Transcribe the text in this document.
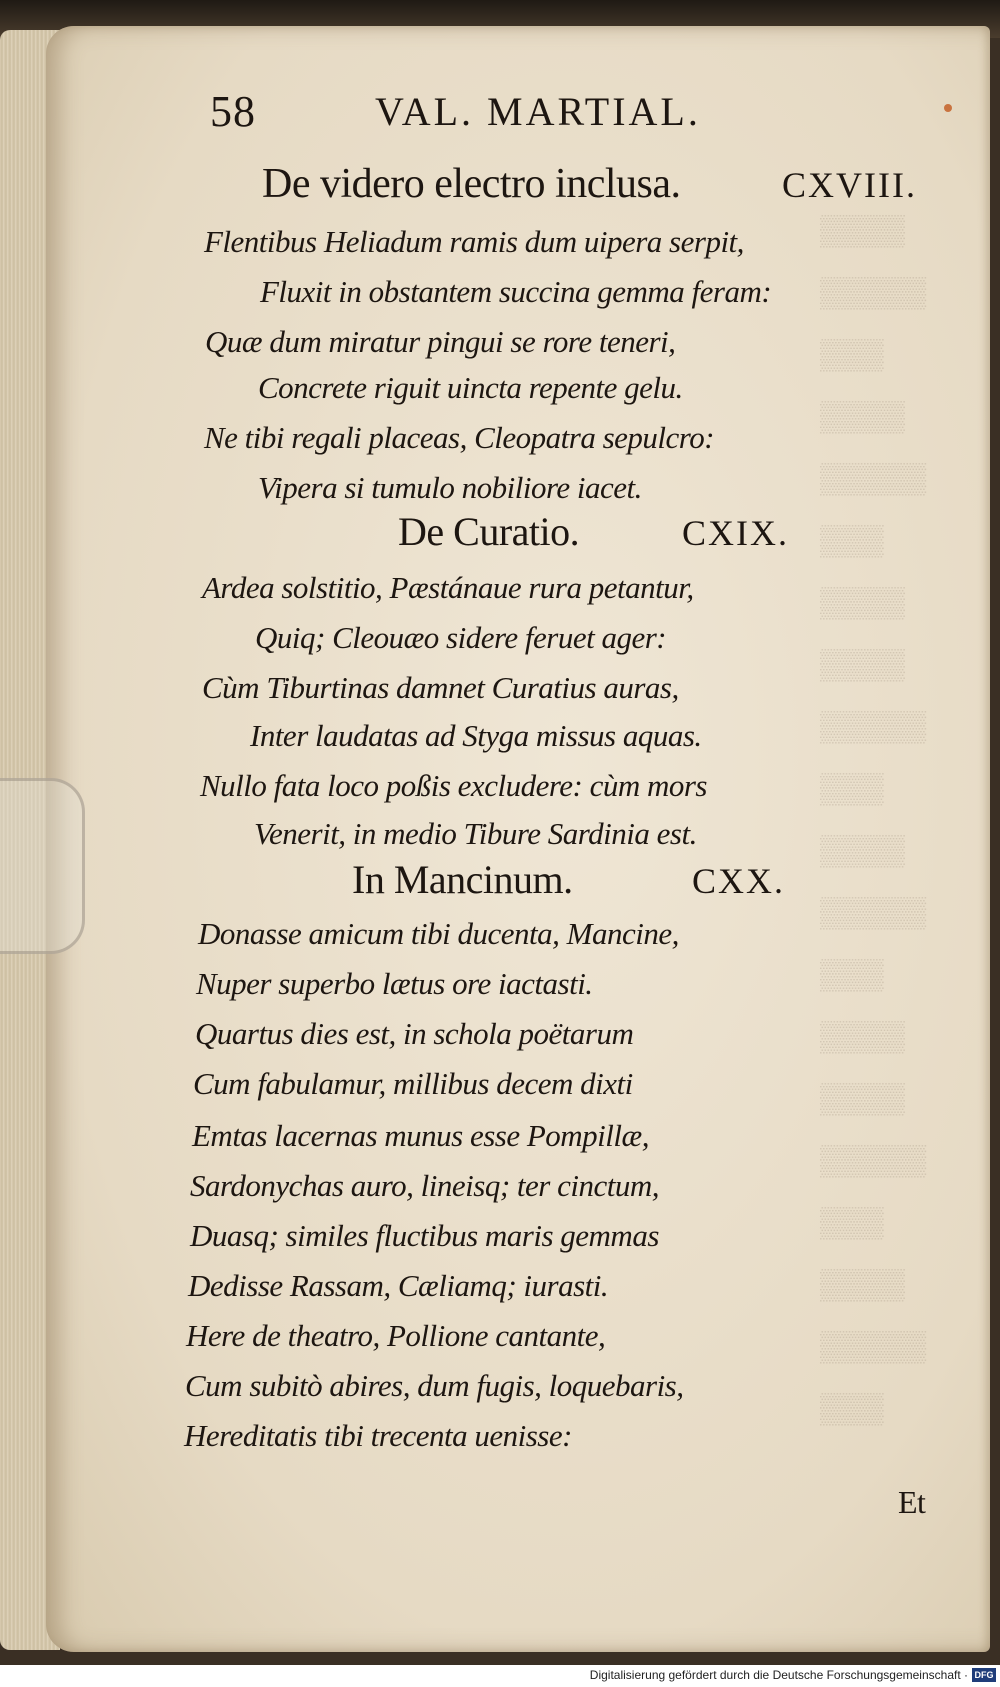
58	VAL. MARTIAL.
De videro electro inclusa.	CXVIII.
Flentibus Heliadum ramis dum uipera serpit,
Fluxit in obstantem succina gemma feram:
Quæ dum miratur pingui se rore teneri,
Concrete riguit uincta repente gelu.
Ne tibi regali placeas, Cleopatra sepulcro:
Vipera si tumulo nobiliore iacet.
De Curatio.	CXIX.
Ardea solstitio, Pæstánaue rura petantur,
Quiq; Cleouæo sidere feruet ager:
Cùm Tiburtinas damnet Curatius auras,
Inter laudatas ad Styga missus aquas.
Nullo fata loco poßis excludere: cùm mors
Venerit, in medio Tibure Sardinia est.
In Mancinum.	CXX.
Donasse amicum tibi ducenta, Mancine,
Nuper superbo lætus ore iactasti.
Quartus dies est, in schola poëtarum
Cum fabulamur, millibus decem dixti
Emtas lacernas munus esse Pompillæ,
Sardonychas auro, lineisq; ter cinctum,
Duasq; similes fluctibus maris gemmas
Dedisse Rassam, Cæliamq; iurasti.
Here de theatro, Pollione cantante,
Cum subitò abires, dum fugis, loquebaris,
Hereditatis tibi trecenta uenisse:
Et
Digitalisierung gefördert durch die Deutsche Forschungsgemeinschaft · DFG
